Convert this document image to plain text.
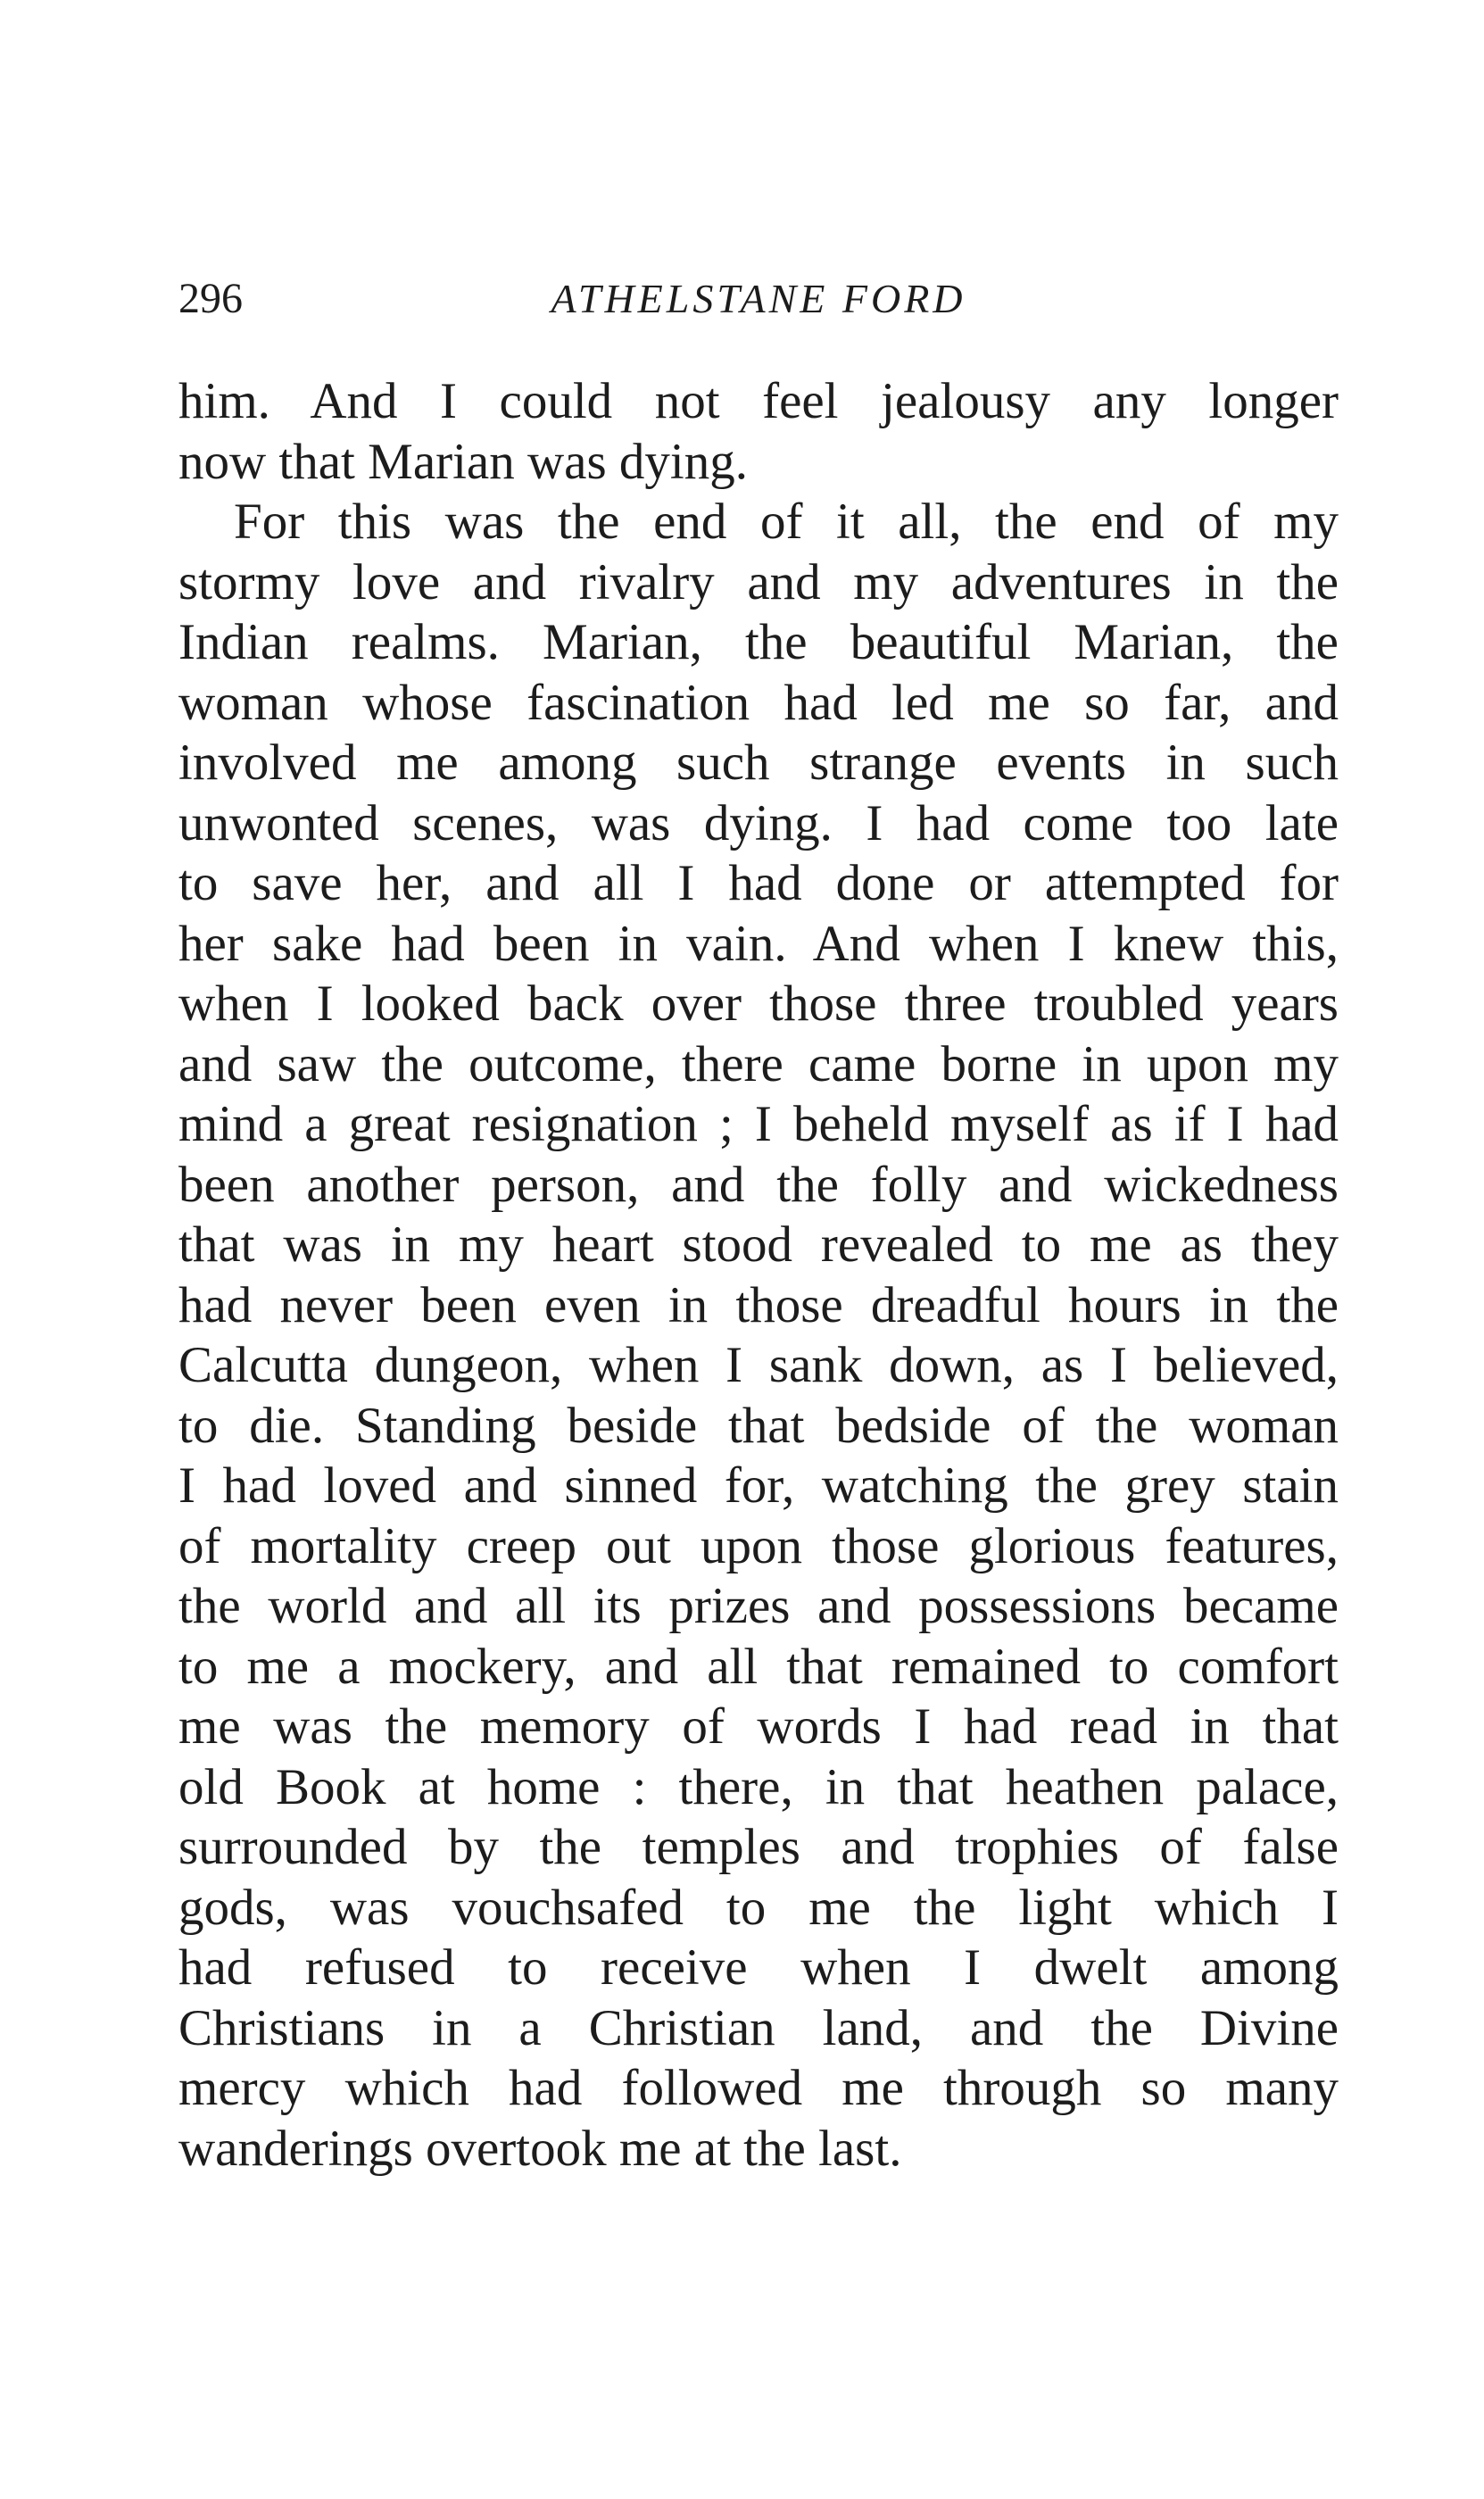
296	ATHELSTANE FORD
him. And I could not feel jealousy any longer
now that Marian was dying.
For this was the end of it all, the end of my
stormy love and rivalry and my adventures in the
Indian realms. Marian, the beautiful Marian, the
woman whose fascination had led me so far, and
involved me among such strange events in such
unwonted scenes, was dying. I had come too late
to save her, and all I had done or attempted for
her sake had been in vain. And when I knew this,
when I looked back over those three troubled years
and saw the outcome, there came borne in upon my
mind a great resignation ; I beheld myself as if I had
been another person, and the folly and wickedness
that was in my heart stood revealed to me as they
had never been even in those dreadful hours in the
Calcutta dungeon, when I sank down, as I believed,
to die. Standing beside that bedside of the woman
I had loved and sinned for, watching the grey stain
of mortality creep out upon those glorious features,
the world and all its prizes and possessions became
to me a mockery, and all that remained to comfort
me was the memory of words I had read in that
old Book at home : there, in that heathen palace,
surrounded by the temples and trophies of false
gods, was vouchsafed to me the light which I
had refused to receive when I dwelt among
Christians in a Christian land, and the Divine
mercy which had followed me through so many
wanderings overtook me at the last.
